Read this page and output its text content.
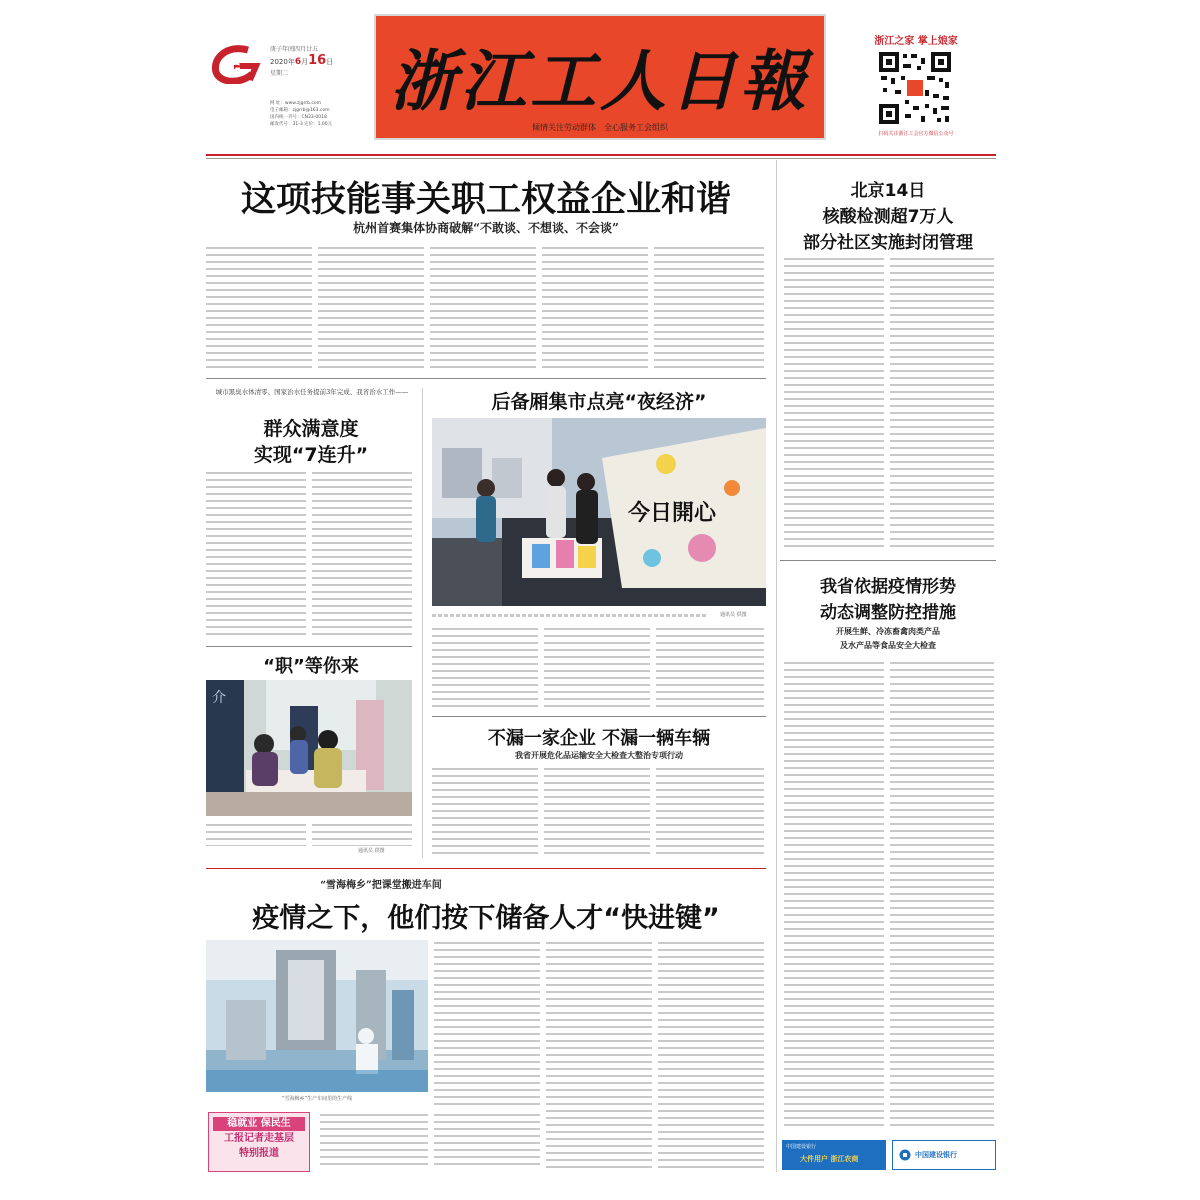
G
庚子年闰四月廿五
2020年6月16日
星期二
网 址：www.zjgrrb.com
电子邮箱：zjgrrb@163.com
国内统一刊号：CN33-0018
邮发代号：31-3 定价：1.00元
浙江工人日報
倾情关注劳动群体　全心服务工会组织
浙江之家 掌上娘家
扫码关注浙江工会官方微信公众号
这项技能事关职工权益企业和谐
杭州首赛集体协商破解“不敢谈、不想谈、不会谈”
城市黑臭水体清零、国家治水任务提前3年完成、我省治水工作——
群众满意度
实现“7连升”
“职”等你来
介
通讯员 供图
后备厢集市点亮“夜经济”
今日開心
通讯员 供图
不漏一家企业 不漏一辆车辆
我省开展危化品运输安全大检查大整治专项行动
“雪海梅乡”把课堂搬进车间
疫情之下，他们按下储备人才“快进键”
“雪海梅乡”生产车间里的生产线
稳就业 保民生
工报记者走基层
特别报道
北京14日
核酸检测超7万人
部分社区实施封闭管理
我省依据疫情形势
动态调整防控措施
开展生鲜、冷冻畜禽肉类产品
及水产品等食品安全大检查
中国建设银行
大件用户 浙江农商	中国建设银行
